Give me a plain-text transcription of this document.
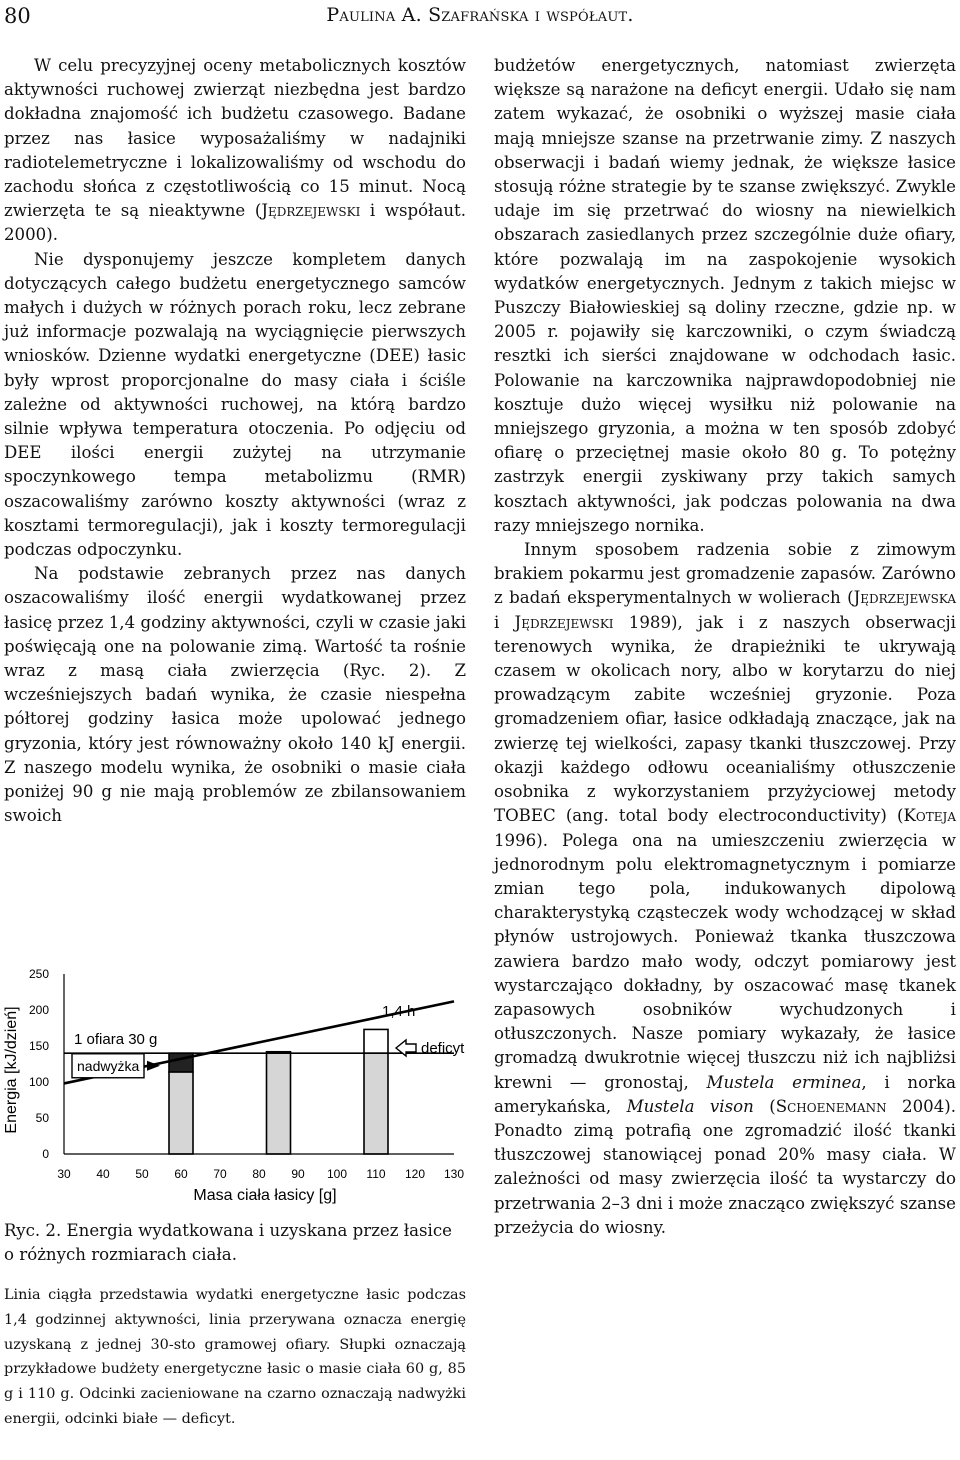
80	Paulina A. Szafrańska i współaut.

W celu precyzyjnej oceny metabolicznych kosztów aktywności ruchowej zwierząt niezbędna jest bardzo dokładna znajomość ich budżetu czasowego. Badane przez nas łasice wyposażaliśmy w nadajniki radiotelemetryczne i lokalizowaliśmy od wschodu do zachodu słońca z częstotliwością co 15 minut. Nocą zwierzęta te są nieaktywne (Jędrzejewski i współaut. 2000).

Nie dysponujemy jeszcze kompletem danych dotyczących całego budżetu energetycznego samców małych i dużych w różnych porach roku, lecz zebrane już informacje pozwalają na wyciągnięcie pierwszych wniosków. Dzienne wydatki energetyczne (DEE) łasic były wprost proporcjonalne do masy ciała i ściśle zależne od aktywności ruchowej, na którą bardzo silnie wpływa temperatura otoczenia. Po odjęciu od DEE ilości energii zużytej na utrzymanie spoczynkowego tempa metabolizmu (RMR) oszacowaliśmy zarówno koszty aktywności (wraz z kosztami termoregulacji), jak i koszty termoregulacji podczas odpoczynku.

Na podstawie zebranych przez nas danych oszacowaliśmy ilość energii wydatkowanej przez łasicę przez 1,4 godziny aktywności, czyli w czasie jaki poświęcają one na polowanie zimą. Wartość ta rośnie wraz z masą ciała zwierzęcia (Ryc. 2). Z wcześniejszych badań wynika, że czasie niespełna półtorej godziny łasica może upolować jednego gryzonia, który jest równoważny około 140 kJ energii. Z naszego modelu wynika, że osobniki o masie ciała poniżej 90 g nie mają problemów ze zbilansowaniem swoich

0
50
100
150
200
250
30 40 50 60 70 80 90 100 110 120 130
Masa ciała łasicy [g]
Energia [kJ/dzień]	1 ofiara 30 g
nadwyżka
1,4 h
deficyt
Ryc. 2. Energia wydatkowana i uzyskana przez łasice o różnych rozmiarach ciała.
Linia ciągła przedstawia wydatki energetyczne łasic podczas 1,4 godzinnej aktywności, linia przerywana oznacza energię uzyskaną z jednej 30-sto gramowej ofiary. Słupki oznaczają przykładowe budżety energetyczne łasic o masie ciała 60 g, 85 g i 110 g. Odcinki zacieniowane na czarno oznaczają nadwyżki energii, odcinki białe — deficyt.

budżetów energetycznych, natomiast zwierzęta większe są narażone na deficyt energii. Udało się nam zatem wykazać, że osobniki o wyższej masie ciała mają mniejsze szanse na przetrwanie zimy. Z naszych obserwacji i badań wiemy jednak, że większe łasice stosują różne strategie by te szanse zwiększyć. Zwykle udaje im się przetrwać do wiosny na niewielkich obszarach zasiedlanych przez szczególnie duże ofiary, które pozwalają im na zaspokojenie wysokich wydatków energetycznych. Jednym z takich miejsc w Puszczy Białowieskiej są doliny rzeczne, gdzie np. w 2005 r. pojawiły się karczowniki, o czym świadczą resztki ich sierści znajdowane w odchodach łasic. Polowanie na karczownika najprawdopodobniej nie kosztuje dużo więcej wysiłku niż polowanie na mniejszego gryzonia, a można w ten sposób zdobyć ofiarę o przeciętnej masie około 80 g. To potężny zastrzyk energii zyskiwany przy takich samych kosztach aktywności, jak podczas polowania na dwa razy mniejszego nornika.

Innym sposobem radzenia sobie z zimowym brakiem pokarmu jest gromadzenie zapasów. Zarówno z badań eksperymentalnych w wolierach (Jędrzejewska i Jędrzejewski 1989), jak i z naszych obserwacji terenowych wynika, że drapieżniki te ukrywają czasem w okolicach nory, albo w korytarzu do niej prowadzącym zabite wcześniej gryzonie. Poza gromadzeniem ofiar, łasice odkładają znaczące, jak na zwierzę tej wielkości, zapasy tkanki tłuszczowej. Przy okazji każdego odłowu oceanialiśmy otłuszczenie osobnika z wykorzystaniem przyżyciowej metody TOBEC (ang. total body electroconductivity) (Koteja 1996). Polega ona na umieszczeniu zwierzęcia w jednorodnym polu elektromagnetycznym i pomiarze zmian tego pola, indukowanych dipolową charakterystyką cząsteczek wody wchodzącej w skład płynów ustrojowych. Ponieważ tkanka tłuszczowa zawiera bardzo mało wody, odczyt pomiarowy jest wystarczająco dokładny, by oszacować masę tkanek zapasowych osobników wychudzonych i otłuszczonych. Nasze pomiary wykazały, że łasice gromadzą dwukrotnie więcej tłuszczu niż ich najbliżsi krewni — gronostaj, Mustela erminea, i norka amerykańska, Mustela vison (Schoenemann 2004). Ponadto zimą potrafią one zgromadzić ilość tkanki tłuszczowej stanowiącej ponad 20% masy ciała. W zależności od masy zwierzęcia ilość ta wystarczy do przetrwania 2–3 dni i może znacząco zwiększyć szanse przeżycia do wiosny.
